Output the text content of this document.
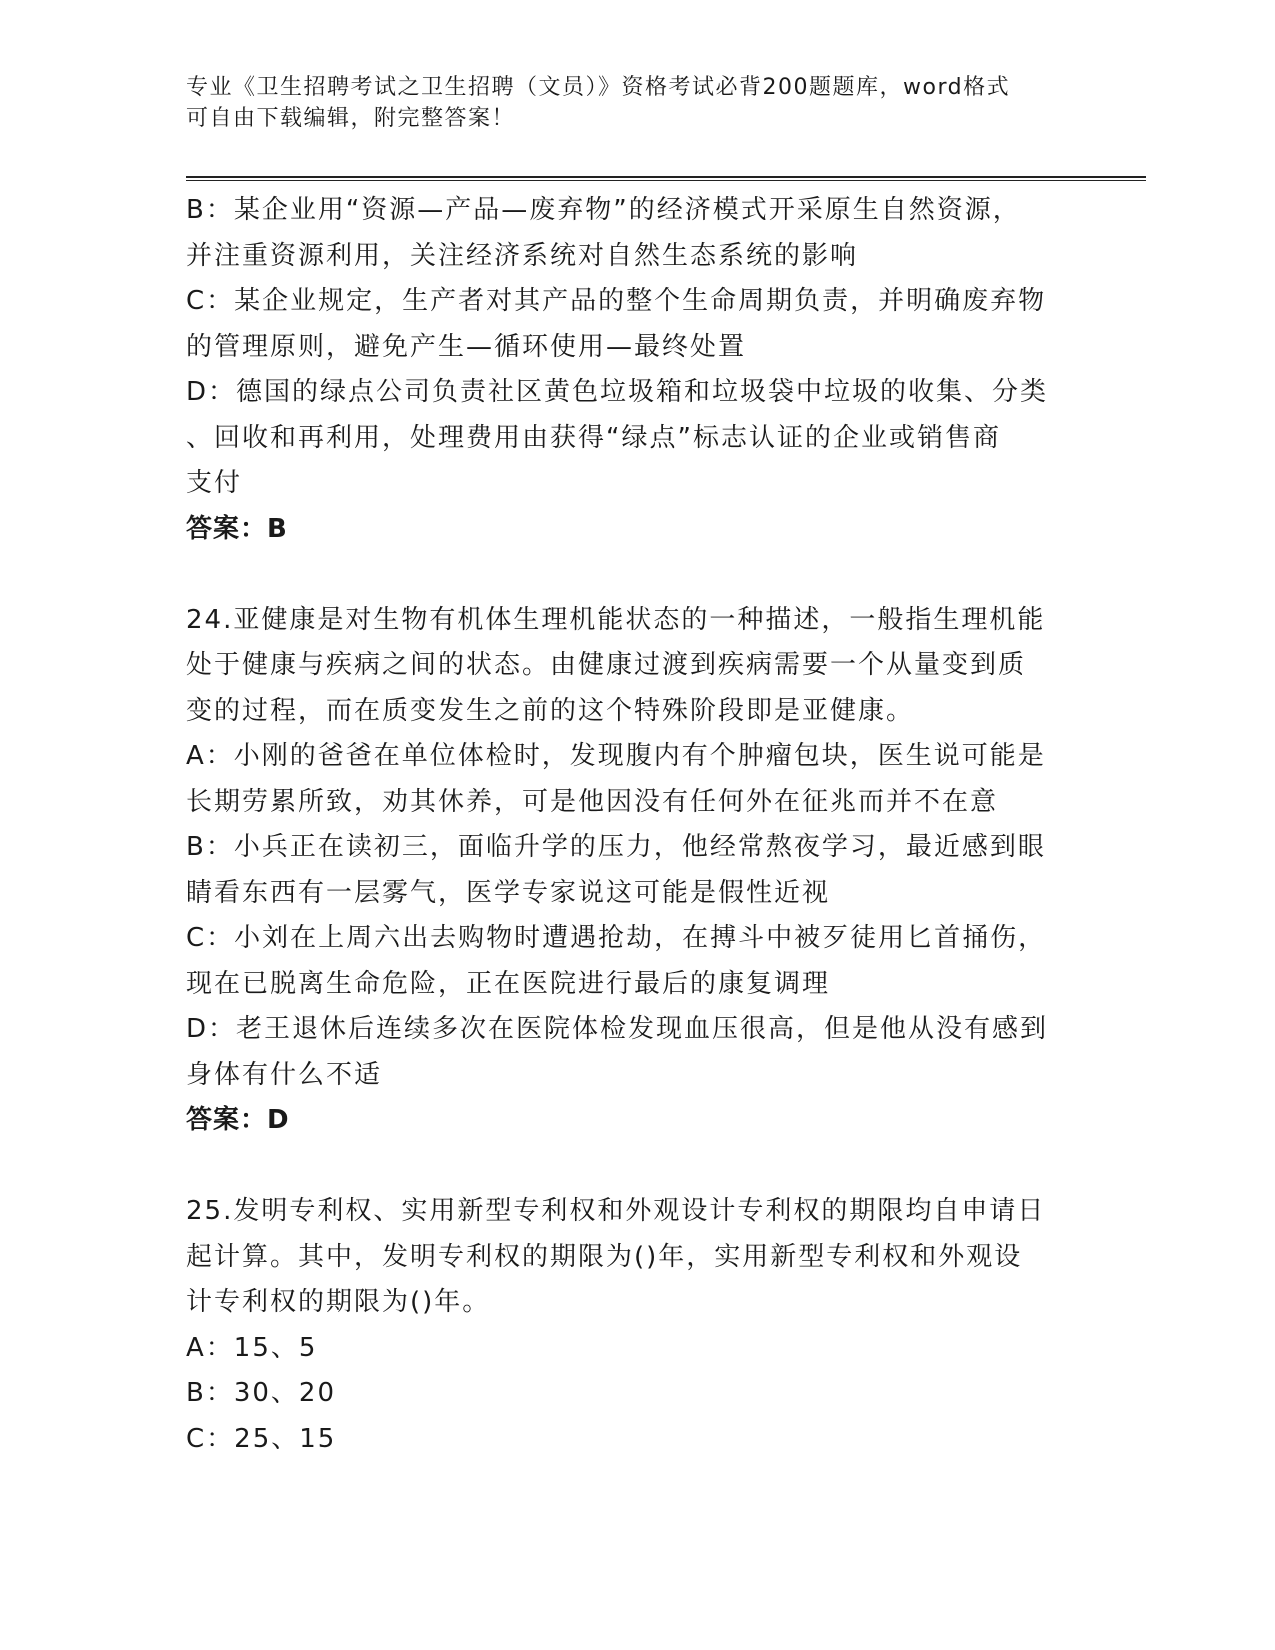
专业《卫生招聘考试之卫生招聘（文员）》资格考试必背200题题库，word格式
可自由下载编辑，附完整答案！
B：某企业用“资源—产品—废弃物”的经济模式开采原生自然资源，
并注重资源利用，关注经济系统对自然生态系统的影响
C：某企业规定，生产者对其产品的整个生命周期负责，并明确废弃物
的管理原则，避免产生—循环使用—最终处置
D：德国的绿点公司负责社区黄色垃圾箱和垃圾袋中垃圾的收集、分类
、回收和再利用，处理费用由获得“绿点”标志认证的企业或销售商
支付
答案：B
24.亚健康是对生物有机体生理机能状态的一种描述，一般指生理机能
处于健康与疾病之间的状态。由健康过渡到疾病需要一个从量变到质
变的过程，而在质变发生之前的这个特殊阶段即是亚健康。
A：小刚的爸爸在单位体检时，发现腹内有个肿瘤包块，医生说可能是
长期劳累所致，劝其休养，可是他因没有任何外在征兆而并不在意
B：小兵正在读初三，面临升学的压力，他经常熬夜学习，最近感到眼
睛看东西有一层雾气，医学专家说这可能是假性近视
C：小刘在上周六出去购物时遭遇抢劫，在搏斗中被歹徒用匕首捅伤，
现在已脱离生命危险，正在医院进行最后的康复调理
D：老王退休后连续多次在医院体检发现血压很高，但是他从没有感到
身体有什么不适
答案：D
25.发明专利权、实用新型专利权和外观设计专利权的期限均自申请日
起计算。其中，发明专利权的期限为()年，实用新型专利权和外观设
计专利权的期限为()年。
A：15、5
B：30、20
C：25、15
